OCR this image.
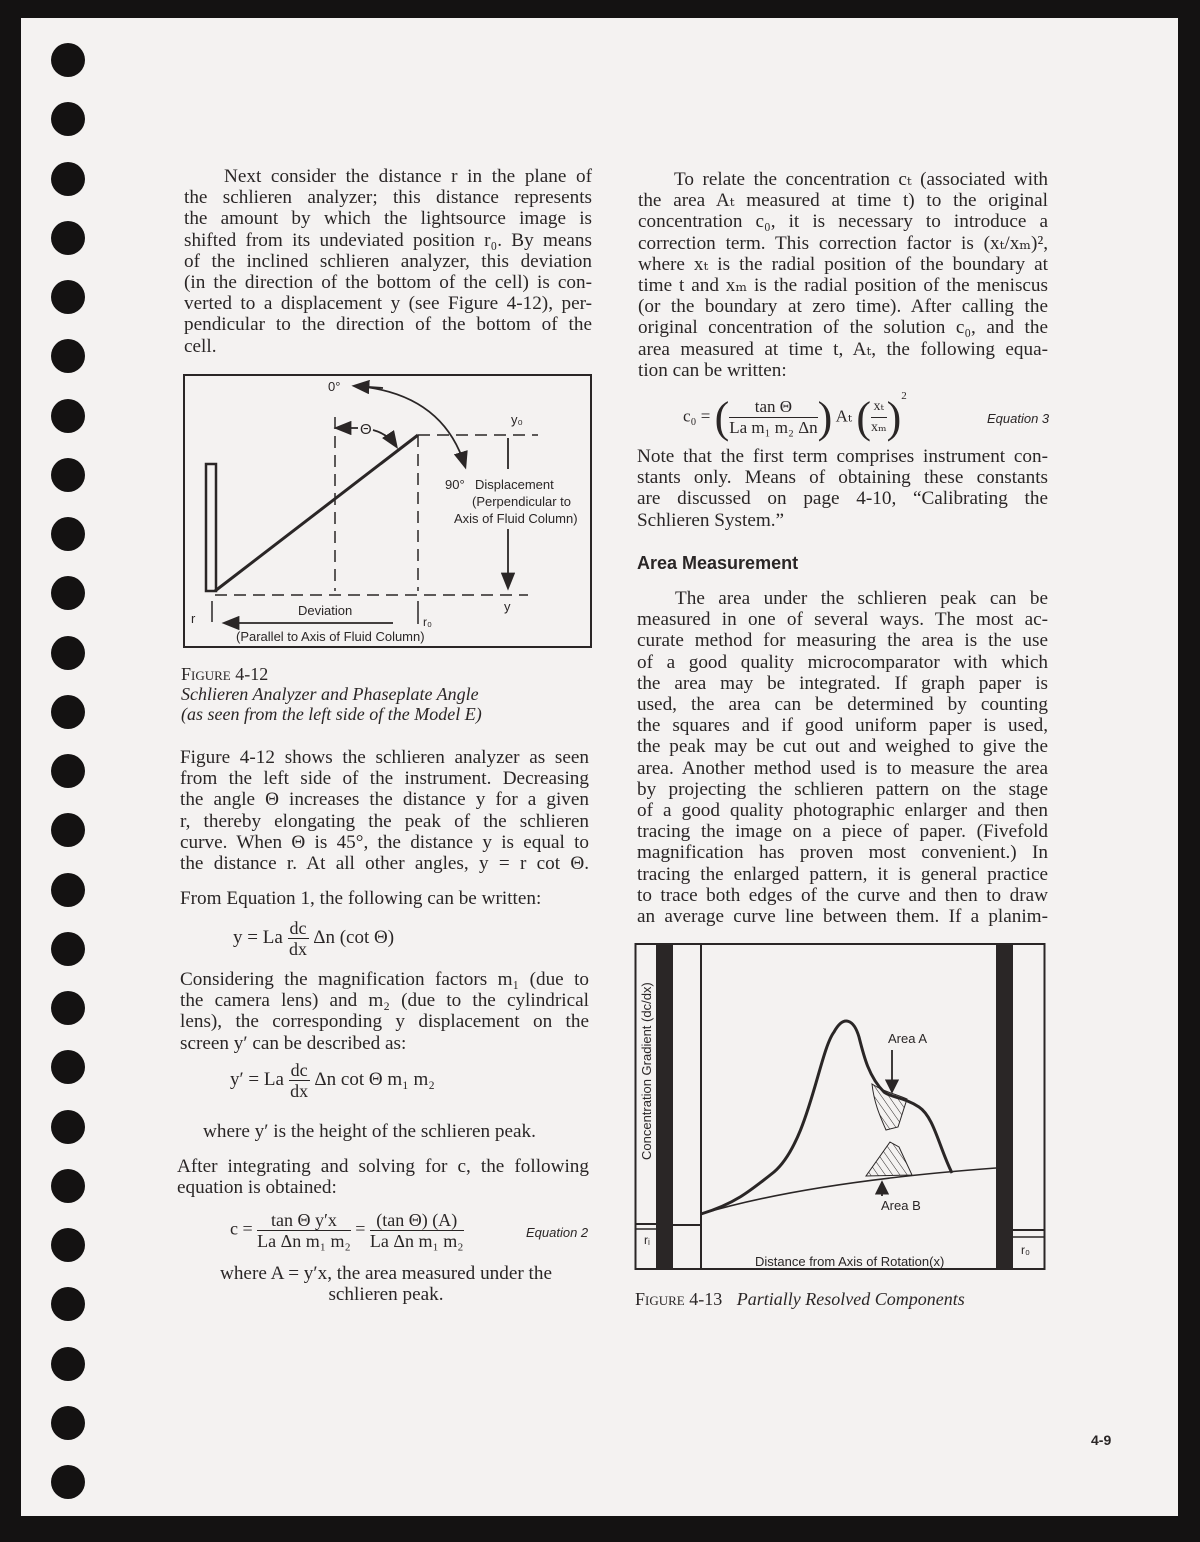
Next consider the distance r in the plane of
the schlieren analyzer; this distance represents
the amount by which the lightsource image is
shifted from its undeviated position r₀. By means
of the inclined schlieren analyzer, this deviation
(in the direction of the bottom of the cell) is con-
verted to a displacement y (see Figure 4-12), per-
pendicular to the direction of the bottom of the
cell.
Θ
0°
90°
y₀
Displacement
(Perpendicular to
Axis of Fluid Column)
y
r	r₀
Deviation
(Parallel to Axis of Fluid Column)
Figure 4-12
Schlieren Analyzer and Phaseplate Angle
(as seen from the left side of the Model E)
Figure 4-12 shows the schlieren analyzer as seen
from the left side of the instrument. Decreasing
the angle Θ increases the distance y for a given
r, thereby elongating the peak of the schlieren
curve. When Θ is 45°, the distance y is equal to
the distance r. At all other angles, y = r cot Θ.
From Equation 1, the following can be written:
y = La $\frac{dc}{dx}$ Δn (cot Θ)
Considering the magnification factors m₁ (due to
the camera lens) and m₂ (due to the cylindrical
lens), the corresponding y displacement on the
screen y′ can be described as:
y′ = La $\frac{dc}{dx}$ Δn cot Θ m₁ m₂
where y′ is the height of the schlieren peak.
After integrating and solving for c, the following
equation is obtained:
$c = \frac{\text{tan Θ y′x}}{\text{La Δn m₁ m₂}} = \frac{\text{(tan Θ) (A)}}{\text{La Δn m₁ m₂}}$	Equation 2
where A = y′x, the area measured under the
schlieren peak.
To relate the concentration cₜ (associated with
the area Aₜ measured at time t) to the original
concentration c₀, it is necessary to introduce a
correction term. This correction factor is (xₜ/xₘ)²,
where xₜ is the radial position of the boundary at
time t and xₘ is the radial position of the meniscus
(or the boundary at zero time). After calling the
original concentration of the solution c₀, and the
area measured at time t, Aₜ, the following equa-
tion can be written:
c₀ = ( $\frac{\text{tan Θ}}{\text{La m₁ m₂ Δn}}$ ) Aₜ ( $\frac{\text{xₜ}}{\text{xₘ}} )^2$
Equation 3
Note that the first term comprises instrument con-
stants only. Means of obtaining these constants
are discussed on page 4-10, “Calibrating the
Schlieren System.”
Area Measurement
The area under the schlieren peak can be
measured in one of several ways. The most ac-
curate method for measuring the area is the use
of a good quality microcomparator with which
the area may be integrated. If graph paper is
used, the area can be determined by counting
the squares and if good uniform paper is used,
the peak may be cut out and weighed to give the
area. Another method used is to measure the area
by projecting the schlieren pattern on the stage
of a good quality photographic enlarger and then
tracing the image on a piece of paper. (Fivefold
magnification has proven most convenient.) In
tracing the enlarged pattern, it is general practice
to trace both edges of the curve and then to draw
an average curve line between them. If a planim-
Concentration Gradient (dc/dx)	Area A
Area B
rᵢ
r₀
Distance from Axis of Rotation(x)
Figure 4-13 Partially Resolved Components
4-9
